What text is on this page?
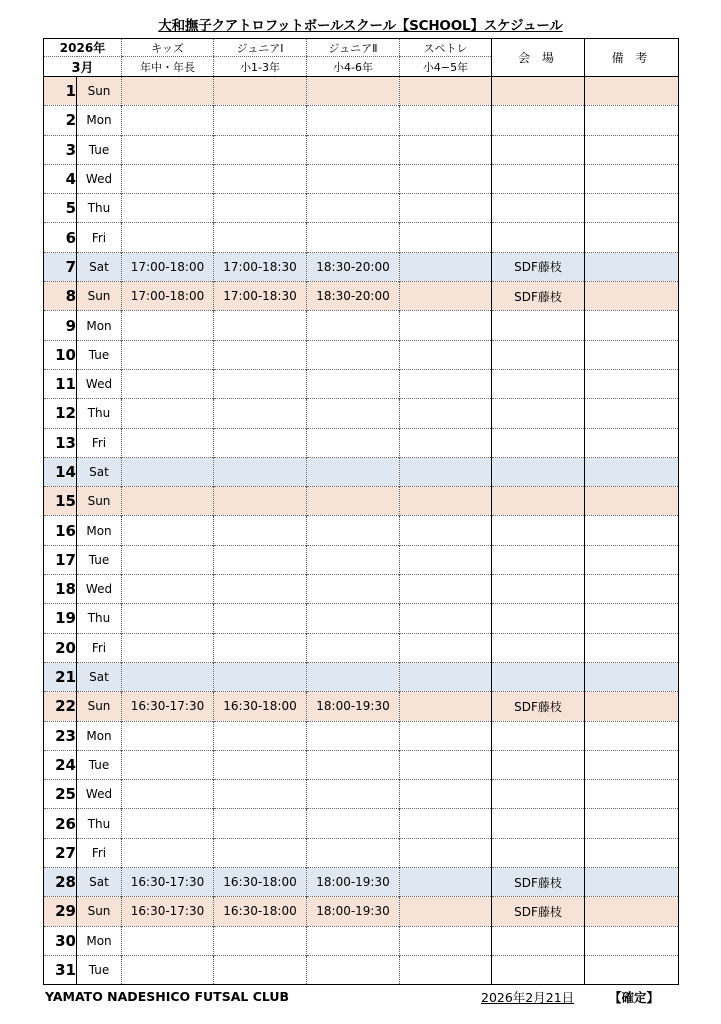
大和撫子クアトロフットボールスクール【SCHOOL】スケジュール
2026年		キッズ	ジュニアⅠ	ジュニアⅡ	スペトレ	会 場	備 考
3月		年中・年長	小1-3年	小4-6年	小4−5年		
1	Sun						
2	Mon						
3	Tue						
4	Wed						
5	Thu						
6	Fri						
7	Sat	17:00-18:00	17:00-18:30	18:30-20:00		SDF藤枝	
8	Sun	17:00-18:00	17:00-18:30	18:30-20:00		SDF藤枝	
9	Mon						
10	Tue						
11	Wed						
12	Thu						
13	Fri						
14	Sat						
15	Sun						
16	Mon						
17	Tue						
18	Wed						
19	Thu						
20	Fri						
21	Sat						
22	Sun	16:30-17:30	16:30-18:00	18:00-19:30		SDF藤枝	
23	Mon						
24	Tue						
25	Wed						
26	Thu						
27	Fri						
28	Sat	16:30-17:30	16:30-18:00	18:00-19:30		SDF藤枝	
29	Sun	16:30-17:30	16:30-18:00	18:00-19:30		SDF藤枝	
30	Mon						
31	Tue						
YAMATO NADESHICO FUTSAL CLUB	2026年2月21日	【確定】
